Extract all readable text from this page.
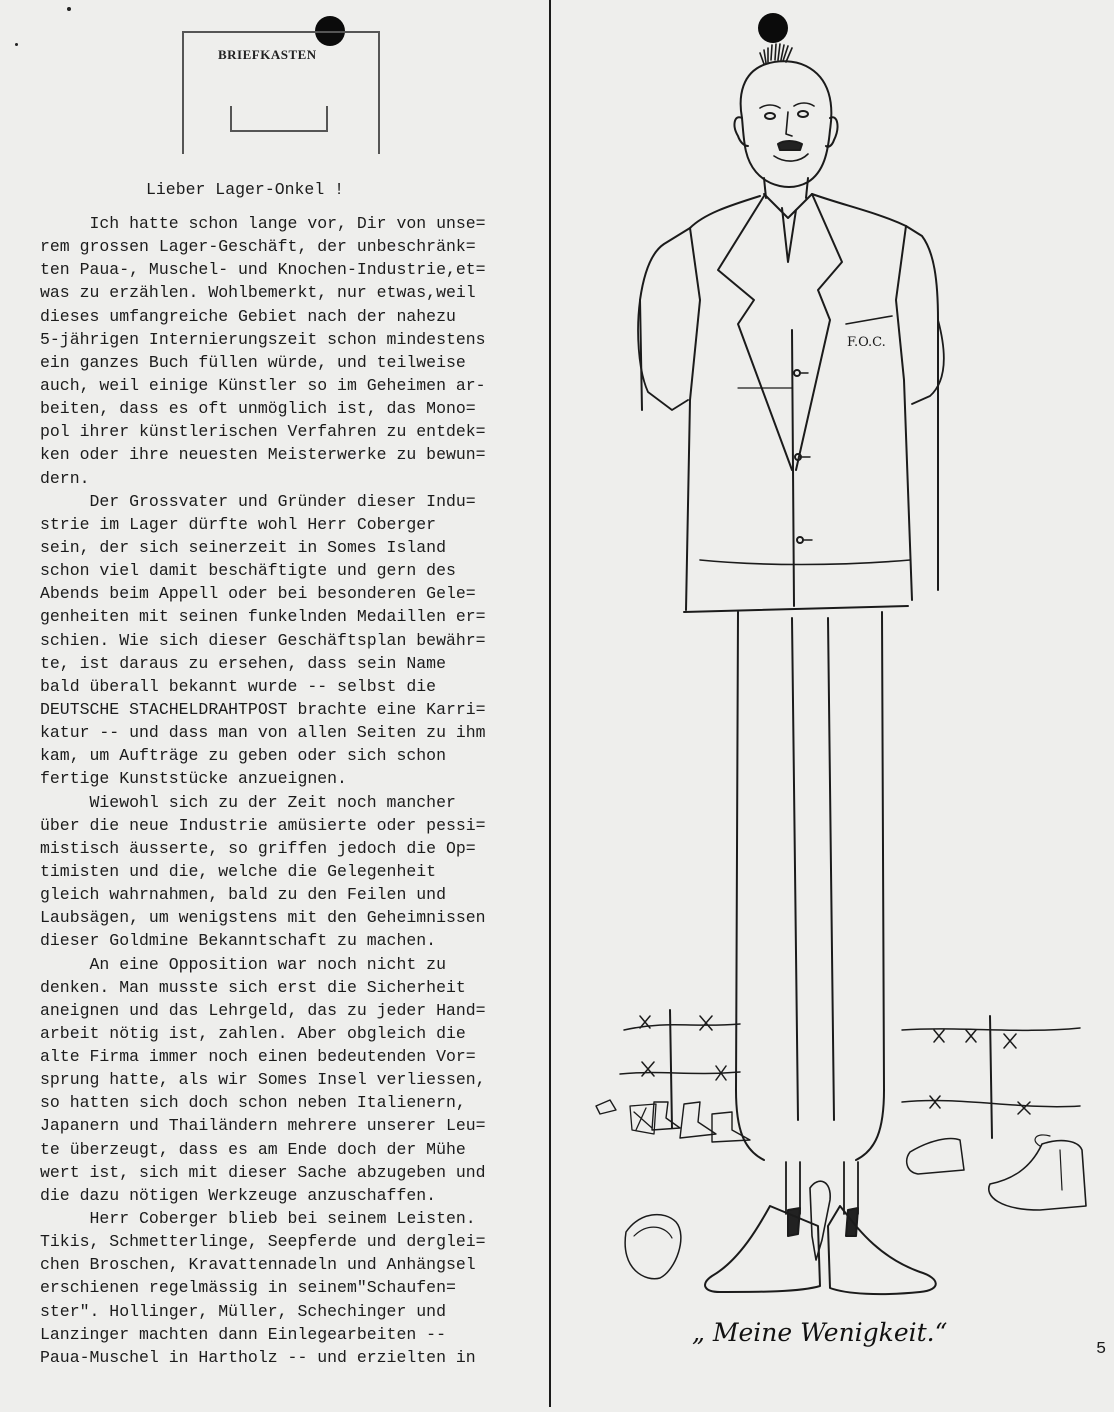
BRIEFKASTEN
Lieber Lager-Onkel !
Ich hatte schon lange vor, Dir von unse=
rem grossen Lager-Geschäft, der unbeschränk=
ten Paua-, Muschel- und Knochen-Industrie,et=
was zu erzählen. Wohlbemerkt, nur etwas,weil
dieses umfangreiche Gebiet nach der nahezu
5-jährigen Internierungszeit schon mindestens
ein ganzes Buch füllen würde, und teilweise
auch, weil einige Künstler so im Geheimen ar-
beiten, dass es oft unmöglich ist, das Mono=
pol ihrer künstlerischen Verfahren zu entdek=
ken oder ihre neuesten Meisterwerke zu bewun=
dern.
Der Grossvater und Gründer dieser Indu=
strie im Lager dürfte wohl Herr Coberger
sein, der sich seinerzeit in Somes Island
schon viel damit beschäftigte und gern des
Abends beim Appell oder bei besonderen Gele=
genheiten mit seinen funkelnden Medaillen er=
schien. Wie sich dieser Geschäftsplan bewähr=
te, ist daraus zu ersehen, dass sein Name
bald überall bekannt wurde -- selbst die
DEUTSCHE STACHELDRAHTPOST brachte eine Karri=
katur -- und dass man von allen Seiten zu ihm
kam, um Aufträge zu geben oder sich schon
fertige Kunststücke anzueignen.
Wiewohl sich zu der Zeit noch mancher
über die neue Industrie amüsierte oder pessi=
mistisch äusserte, so griffen jedoch die Op=
timisten und die, welche die Gelegenheit
gleich wahrnahmen, bald zu den Feilen und
Laubsägen, um wenigstens mit den Geheimnissen
dieser Goldmine Bekanntschaft zu machen.
An eine Opposition war noch nicht zu
denken. Man musste sich erst die Sicherheit
aneignen und das Lehrgeld, das zu jeder Hand=
arbeit nötig ist, zahlen. Aber obgleich die
alte Firma immer noch einen bedeutenden Vor=
sprung hatte, als wir Somes Insel verliessen,
so hatten sich doch schon neben Italienern,
Japanern und Thailändern mehrere unserer Leu=
te überzeugt, dass es am Ende doch der Mühe
wert ist, sich mit dieser Sache abzugeben und
die dazu nötigen Werkzeuge anzuschaffen.
Herr Coberger blieb bei seinem Leisten.
Tikis, Schmetterlinge, Seepferde und derglei=
chen Broschen, Kravattennadeln und Anhängsel
erschienen regelmässig in seinem"Schaufen=
ster". Hollinger, Müller, Schechinger und
Lanzinger machten dann Einlegearbeiten --
Paua-Muschel in Hartholz -- und erzielten in
F.O.C.
„ Meine Wenigkeit.“
5
